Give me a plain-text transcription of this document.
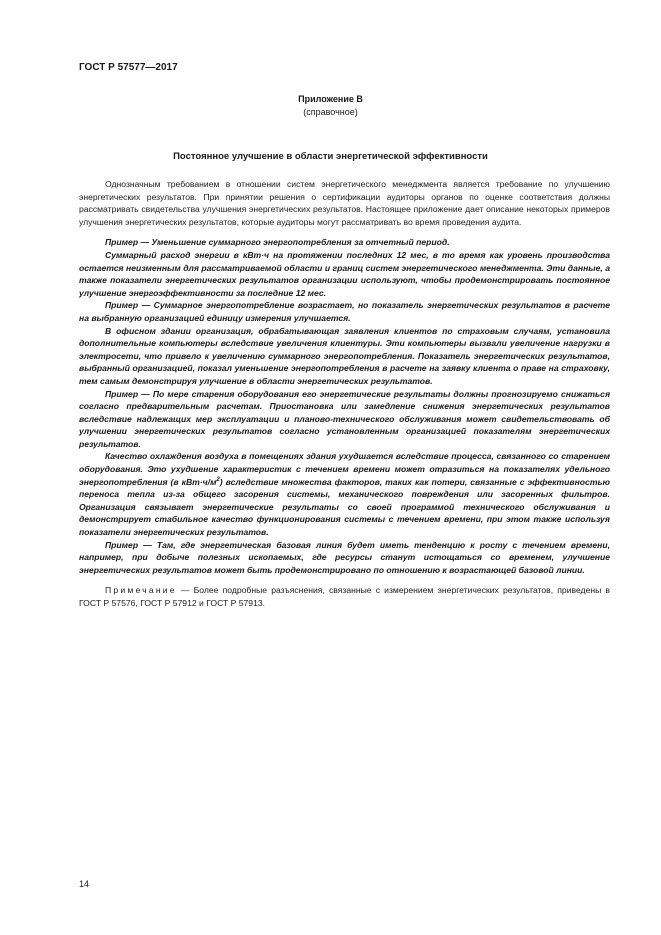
ГОСТ Р 57577—2017
Приложение В
(справочное)
Постоянное улучшение в области энергетической эффективности

Однозначным требованием в отношении систем энергетического менеджмента является требование по улучшению энергетических результатов. При принятии решения о сертификации аудиторы органов по оценке соответствия должны рассматривать свидетельства улучшения энергетических результатов. Настоящее приложение дает описание некоторых примеров улучшения энергетических результатов, которые аудиторы могут рассматривать во время проведения аудита.

Пример — Уменьшение суммарного энергопотребления за отчетный период.

Суммарный расход энергии в кВт·ч на протяжении последних 12 мес, в то время как уровень производства остается неизменным для рассматриваемой области и границ систем энергетического менеджмента. Эти данные, а также показатели энергетических результатов организации используют, чтобы продемонстрировать постоянное улучшение энергоэффективности за последние 12 мес.

Пример — Суммарное энергопотребление возрастает, но показатель энергетических результатов в расчете на выбранную организацией единицу измерения улучшается.

В офисном здании организация, обрабатывающая заявления клиентов по страховым случаям, установила дополнительные компьютеры вследствие увеличения клиентуры. Эти компьютеры вызвали увеличение нагрузки в электросети, что привело к увеличению суммарного энергопотребления. Показатель энергетических результатов, выбранный организацией, показал уменьшение энергопотребления в расчете на заявку клиента о праве на страховку, тем самым демонстрируя улучшение в области энергетических результатов.

Пример — По мере старения оборудования его энергетические результаты должны прогнозируемо снижаться согласно предварительным расчетам. Приостановка или замедление снижения энергетических результатов вследствие надлежащих мер эксплуатации и планово-технического обслуживания может свидетельствовать об улучшении энергетических результатов согласно установленным организацией показателям энергетических результатов.

Качество охлаждения воздуха в помещениях здания ухудшается вследствие процесса, связанного со старением оборудования. Это ухудшение характеристик с течением времени может отразиться на показателях удельного энергопотребления (в $кВт\cdot ч/м^2$) вследствие множества факторов, таких как потери, связанные с эффективностью переноса тепла из-за общего засорения системы, механического повреждения или засоренных фильтров. Организация связывает энергетические результаты со своей программой технического обслуживания и демонстрирует стабильное качество функционирования системы с течением времени, при этом также используя показатели энергетических результатов.

Пример — Там, где энергетическая базовая линия будет иметь тенденцию к росту с течением времени, например, при добыче полезных ископаемых, где ресурсы станут истощаться со временем, улучшение энергетических результатов может быть продемонстрировано по отношению к возрастающей базовой линии.

Примечание — Более подробные разъяснения, связанные с измерением энергетических результатов, приведены в ГОСТ Р 57576, ГОСТ Р 57912 и ГОСТ Р 57913.

14
